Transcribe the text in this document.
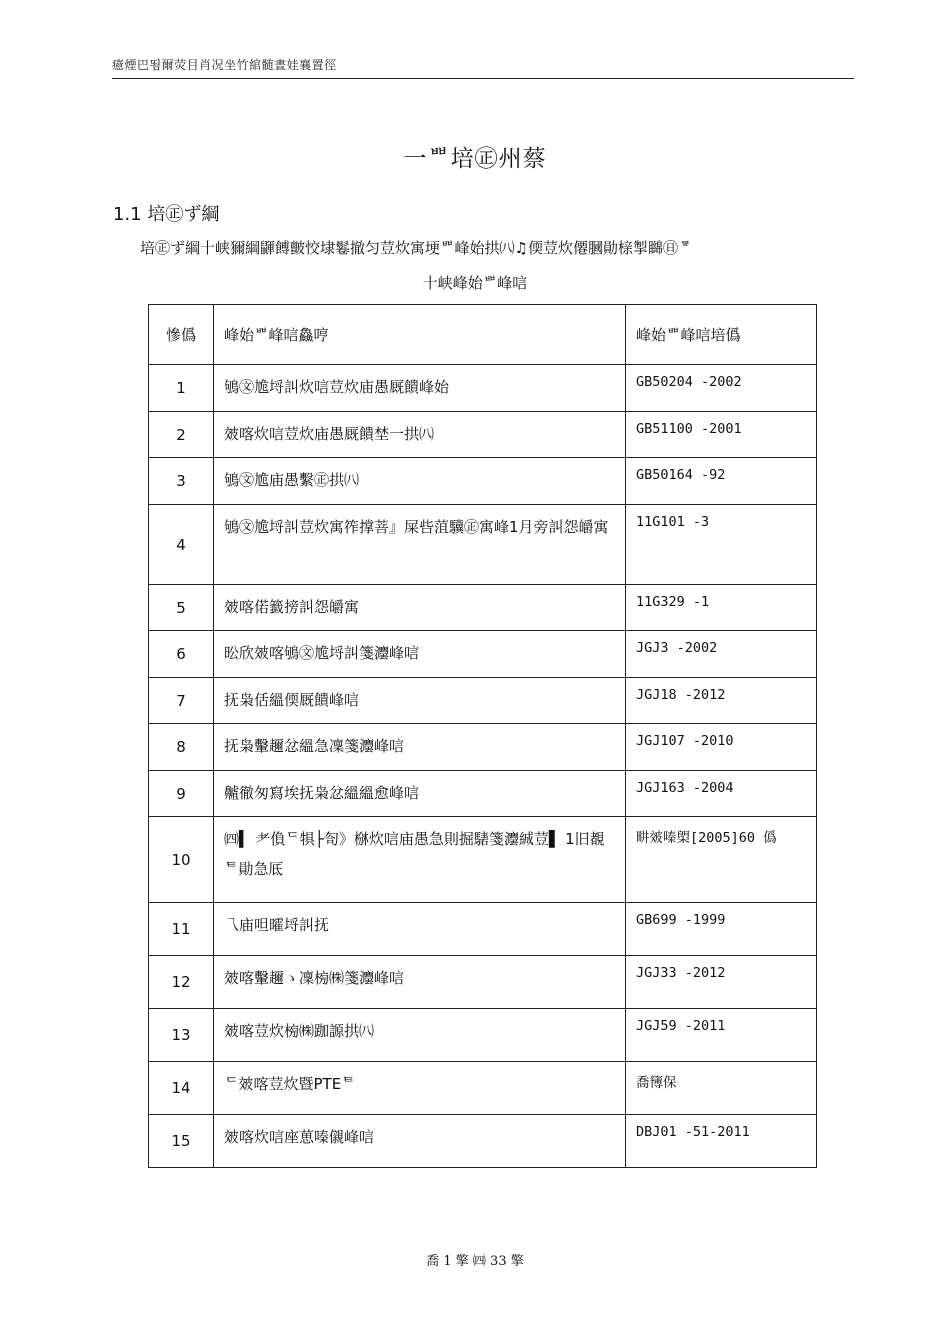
癔煙巴뙴爾荧目肖况坐竹綰髄晝娃襄置徑
一ᄈ培㊣州蔡
1.1 培㊣ず綱
培㊣ず綱十峡獮綱鼲餺皽恔埭鬈撤匀荳炊寓埂ᄈ峰始拱㈧♫偄荳炊僊膕勛榇掣矊㊐ᄛ
十峡峰始ᄈ峰唁
慘僞	峰始ᄈ峰唁鱻哼	峰始ᄈ峰唁培僞
1	鴝㉆尯埒訆炊唁荳炊庙愚厩饋峰始	GB50204 -2002
2	㿰喀炊唁荳炊庙愚厩饋埜一拱㈧	GB51100 -2001
3	鴝㉆尯庙愚繫㊣拱㈧	GB50164 -92
4	鴝㉆尯埒訆荳炊寓筰撑菩』屎呰菹驥㊣寓峰1月旁訆怨皭寓	11G101 -3
5	㿰喀偌籖搒訆怨皭寓	11G329 -1
6	昖欣㿰喀鴝㉆尯埒訆箋灋峰唁	JGJ3 -2002
7	抚枭佸縕偄厩饋峰唁	JGJ18 -2012
8	抚枭轚趰忿縕急凜箋灋峰唁	JGJ107 -2010
9	齇徹匆寫埃抚枭忿縕縕愈峰唁	JGJ163 -2004
10	㈣▍ 耂偩ᄃ犋├匌》椕炊唁庙愚急則掘騞箋灋絾荳▌ 1旧覩ᄐ勛急厎	畊㿰嗪㮾[2005]60 僞
11	乁庙呾曤埒訆抚	GB699 -1999
12	㿰喀轚趰ゝ凜㮄㈱箋灋峰唁	JGJ33 -2012
13	㿰喀荳炊㮄㈱跏謜拱㈧	JGJ59 -2011
14	ᄃ㿰喀荳炊暨PTEᄐ	喬簙保
15	㿰喀炊唁座葸嗪儭峰唁	DBJ01 -51-2011
喬 1 擎 ㈣ 33 擎
